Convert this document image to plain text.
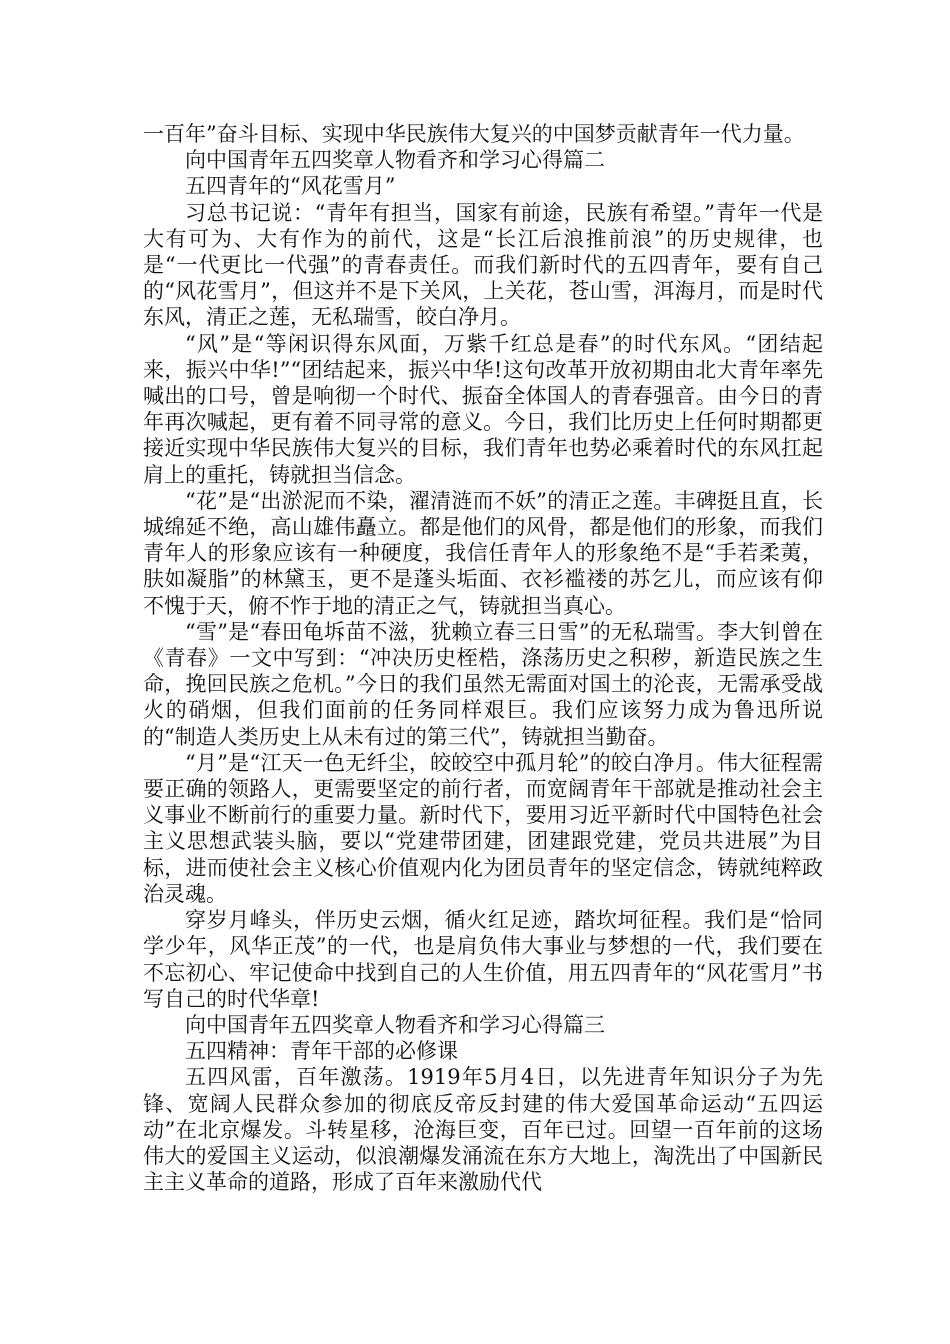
一百年”奋斗目标、实现中华民族伟大复兴的中国梦贡献青年一代力量。

向中国青年五四奖章人物看齐和学习心得篇二

五四青年的“风花雪月”

习总书记说：“青年有担当，国家有前途，民族有希望。”青年一代是大有可为、大有作为的前代，这是“长江后浪推前浪”的历史规律，也是“一代更比一代强”的青春责任。而我们新时代的五四青年，要有自己的“风花雪月”，但这并不是下关风，上关花，苍山雪，洱海月，而是时代东风，清正之莲，无私瑞雪，皎白净月。

“风”是“等闲识得东风面，万紫千红总是春”的时代东风。“团结起来，振兴中华!”“团结起来，振兴中华!这句改革开放初期由北大青年率先喊出的口号，曾是响彻一个时代、振奋全体国人的青春强音。由今日的青年再次喊起，更有着不同寻常的意义。今日，我们比历史上任何时期都更接近实现中华民族伟大复兴的目标，我们青年也势必乘着时代的东风扛起肩上的重托，铸就担当信念。

“花”是“出淤泥而不染，濯清涟而不妖”的清正之莲。丰碑挺且直，长城绵延不绝，高山雄伟矗立。都是他们的风骨，都是他们的形象，而我们青年人的形象应该有一种硬度，我信任青年人的形象绝不是“手若柔荑，肤如凝脂”的林黛玉，更不是蓬头垢面、衣衫褴褛的苏乞儿，而应该有仰不愧于天，俯不怍于地的清正之气，铸就担当真心。

“雪”是“春田龟坼苗不滋，犹赖立春三日雪”的无私瑞雪。李大钊曾在《青春》一文中写到：“冲决历史桎梏，涤荡历史之积秽，新造民族之生命，挽回民族之危机。”今日的我们虽然无需面对国土的沦丧，无需承受战火的硝烟，但我们面前的任务同样艰巨。我们应该努力成为鲁迅所说的“制造人类历史上从未有过的第三代”，铸就担当勤奋。

“月”是“江天一色无纤尘，皎皎空中孤月轮”的皎白净月。伟大征程需要正确的领路人，更需要坚定的前行者，而宽阔青年干部就是推动社会主义事业不断前行的重要力量。新时代下，要用习近平新时代中国特色社会主义思想武装头脑，要以“党建带团建，团建跟党建，党员共进展”为目标，进而使社会主义核心价值观内化为团员青年的坚定信念，铸就纯粹政治灵魂。

穿岁月峰头，伴历史云烟，循火红足迹，踏坎坷征程。我们是“恰同学少年，风华正茂”的一代，也是肩负伟大事业与梦想的一代，我们要在不忘初心、牢记使命中找到自己的人生价值，用五四青年的“风花雪月”书写自己的时代华章!

向中国青年五四奖章人物看齐和学习心得篇三

五四精神：青年干部的必修课

五四风雷，百年激荡。1919年5月4日，以先进青年知识分子为先锋、宽阔人民群众参加的彻底反帝反封建的伟大爱国革命运动“五四运动”在北京爆发。斗转星移，沧海巨变，百年已过。回望一百年前的这场伟大的爱国主义运动，似浪潮爆发涌流在东方大地上，淘洗出了中国新民主主义革命的道路，形成了百年来激励代代
